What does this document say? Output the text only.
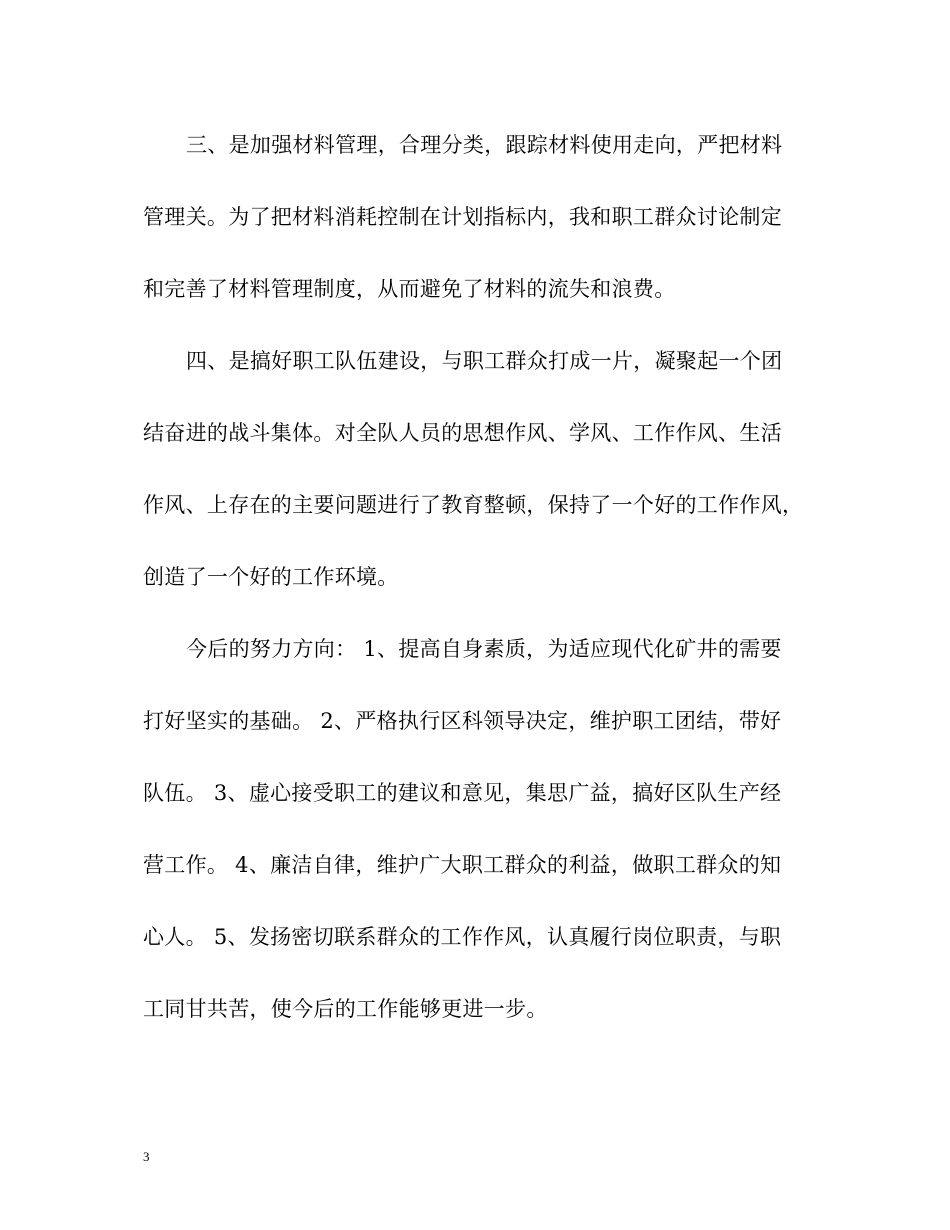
三、是加强材料管理，合理分类，跟踪材料使用走向，严把材料
管理关。为了把材料消耗控制在计划指标内，我和职工群众讨论制定
和完善了材料管理制度，从而避免了材料的流失和浪费。
四、是搞好职工队伍建设，与职工群众打成一片，凝聚起一个团
结奋进的战斗集体。对全队人员的思想作风、学风、工作作风、生活
作风、上存在的主要问题进行了教育整顿，保持了一个好的工作作风，
创造了一个好的工作环境。
今后的努力方向： 1、提高自身素质，为适应现代化矿井的需要
打好坚实的基础。 2、严格执行区科领导决定，维护职工团结，带好
队伍。 3、虚心接受职工的建议和意见，集思广益，搞好区队生产经
营工作。 4、廉洁自律，维护广大职工群众的利益，做职工群众的知
心人。 5、发扬密切联系群众的工作作风，认真履行岗位职责，与职
工同甘共苦，使今后的工作能够更进一步。
3
